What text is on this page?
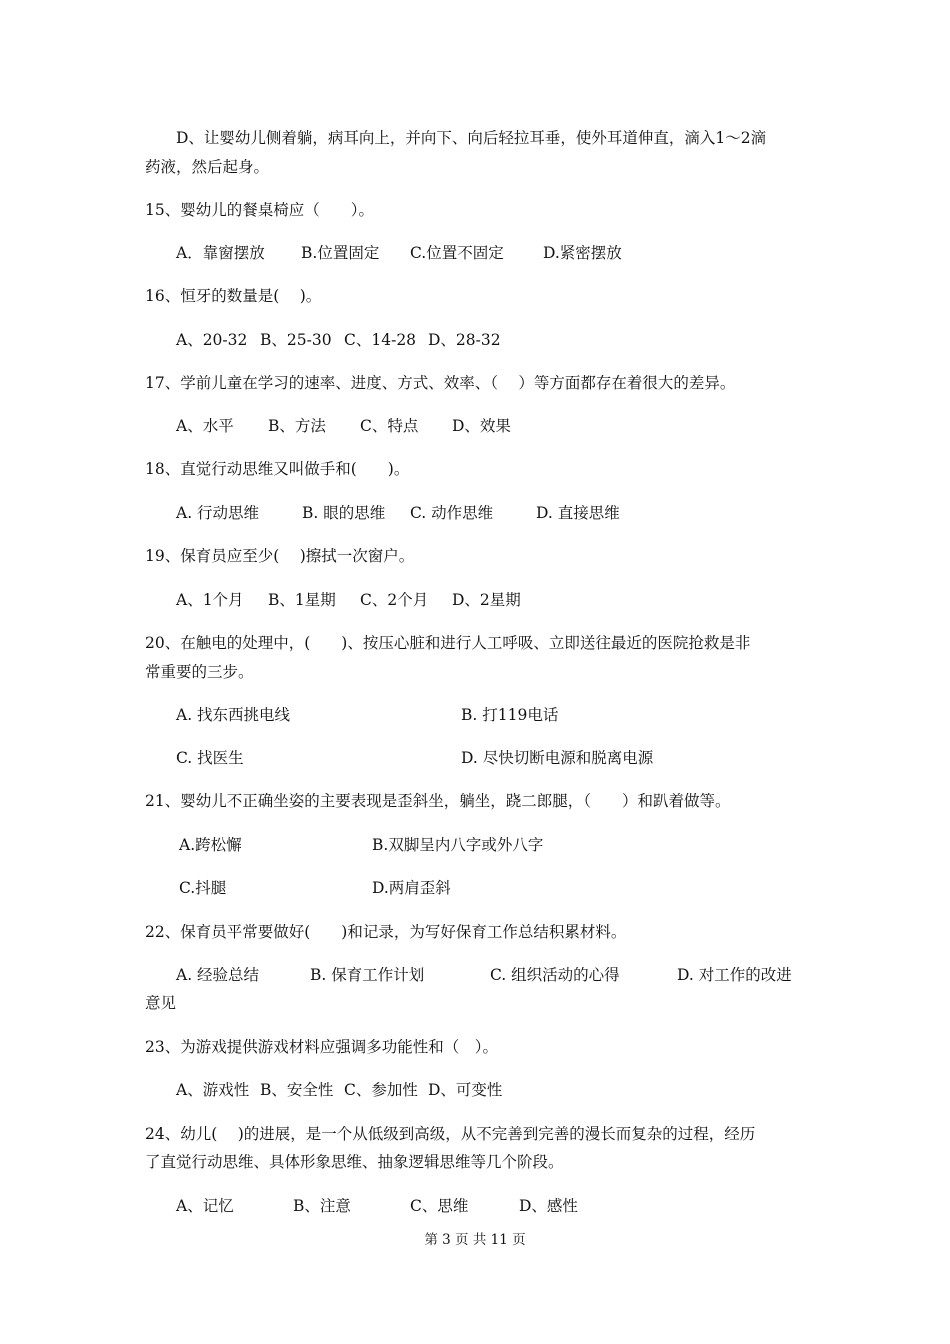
D、让婴幼儿侧着躺，病耳向上，并向下、向后轻拉耳垂，使外耳道伸直，滴入1～2滴
药液，然后起身。
15、婴幼儿的餐桌椅应（　　）。
A．靠窗摆放 B.位置固定 C.位置不固定	D.紧密摆放
16、恒牙的数量是(　 )。
A、20-32 B、25-30 C、14-28 D、28-32
17、学前儿童在学习的速率、进度、方式、效率、（　 ）等方面都存在着很大的差异。
A、水平 B、方法 C、特点 D、效果
18、直觉行动思维又叫做手和(　　)。
A. 行动思维	B. 眼的思维 C. 动作思维	D. 直接思维
19、保育员应至少(　 )擦拭一次窗户。
A、1个月 B、1星期 C、2个月 D、2星期
20、在触电的处理中，(　　)、按压心脏和进行人工呼吸、立即送往最近的医院抢救是非
常重要的三步。
A. 找东西挑电线	B. 打119电话
C. 找医生	D. 尽快切断电源和脱离电源
21、婴幼儿不正确坐姿的主要表现是歪斜坐，躺坐，跷二郎腿，（　　）和趴着做等。
A.跨松懈	B.双脚呈内八字或外八字
C.抖腿	D.两肩歪斜
22、保育员平常要做好(　　)和记录，为写好保育工作总结积累材料。
A. 经验总结	B. 保育工作计划	C. 组织活动的心得	D. 对工作的改进
意见
23、为游戏提供游戏材料应强调多功能性和（　）。
A、游戏性 B、安全性 C、参加性 D、可变性
24、幼儿(　 )的进展，是一个从低级到高级，从不完善到完善的漫长而复杂的过程，经历
了直觉行动思维、具体形象思维、抽象逻辑思维等几个阶段。
A、记忆	B、注意	C、思维	D、感性
第 3 页 共 11 页
